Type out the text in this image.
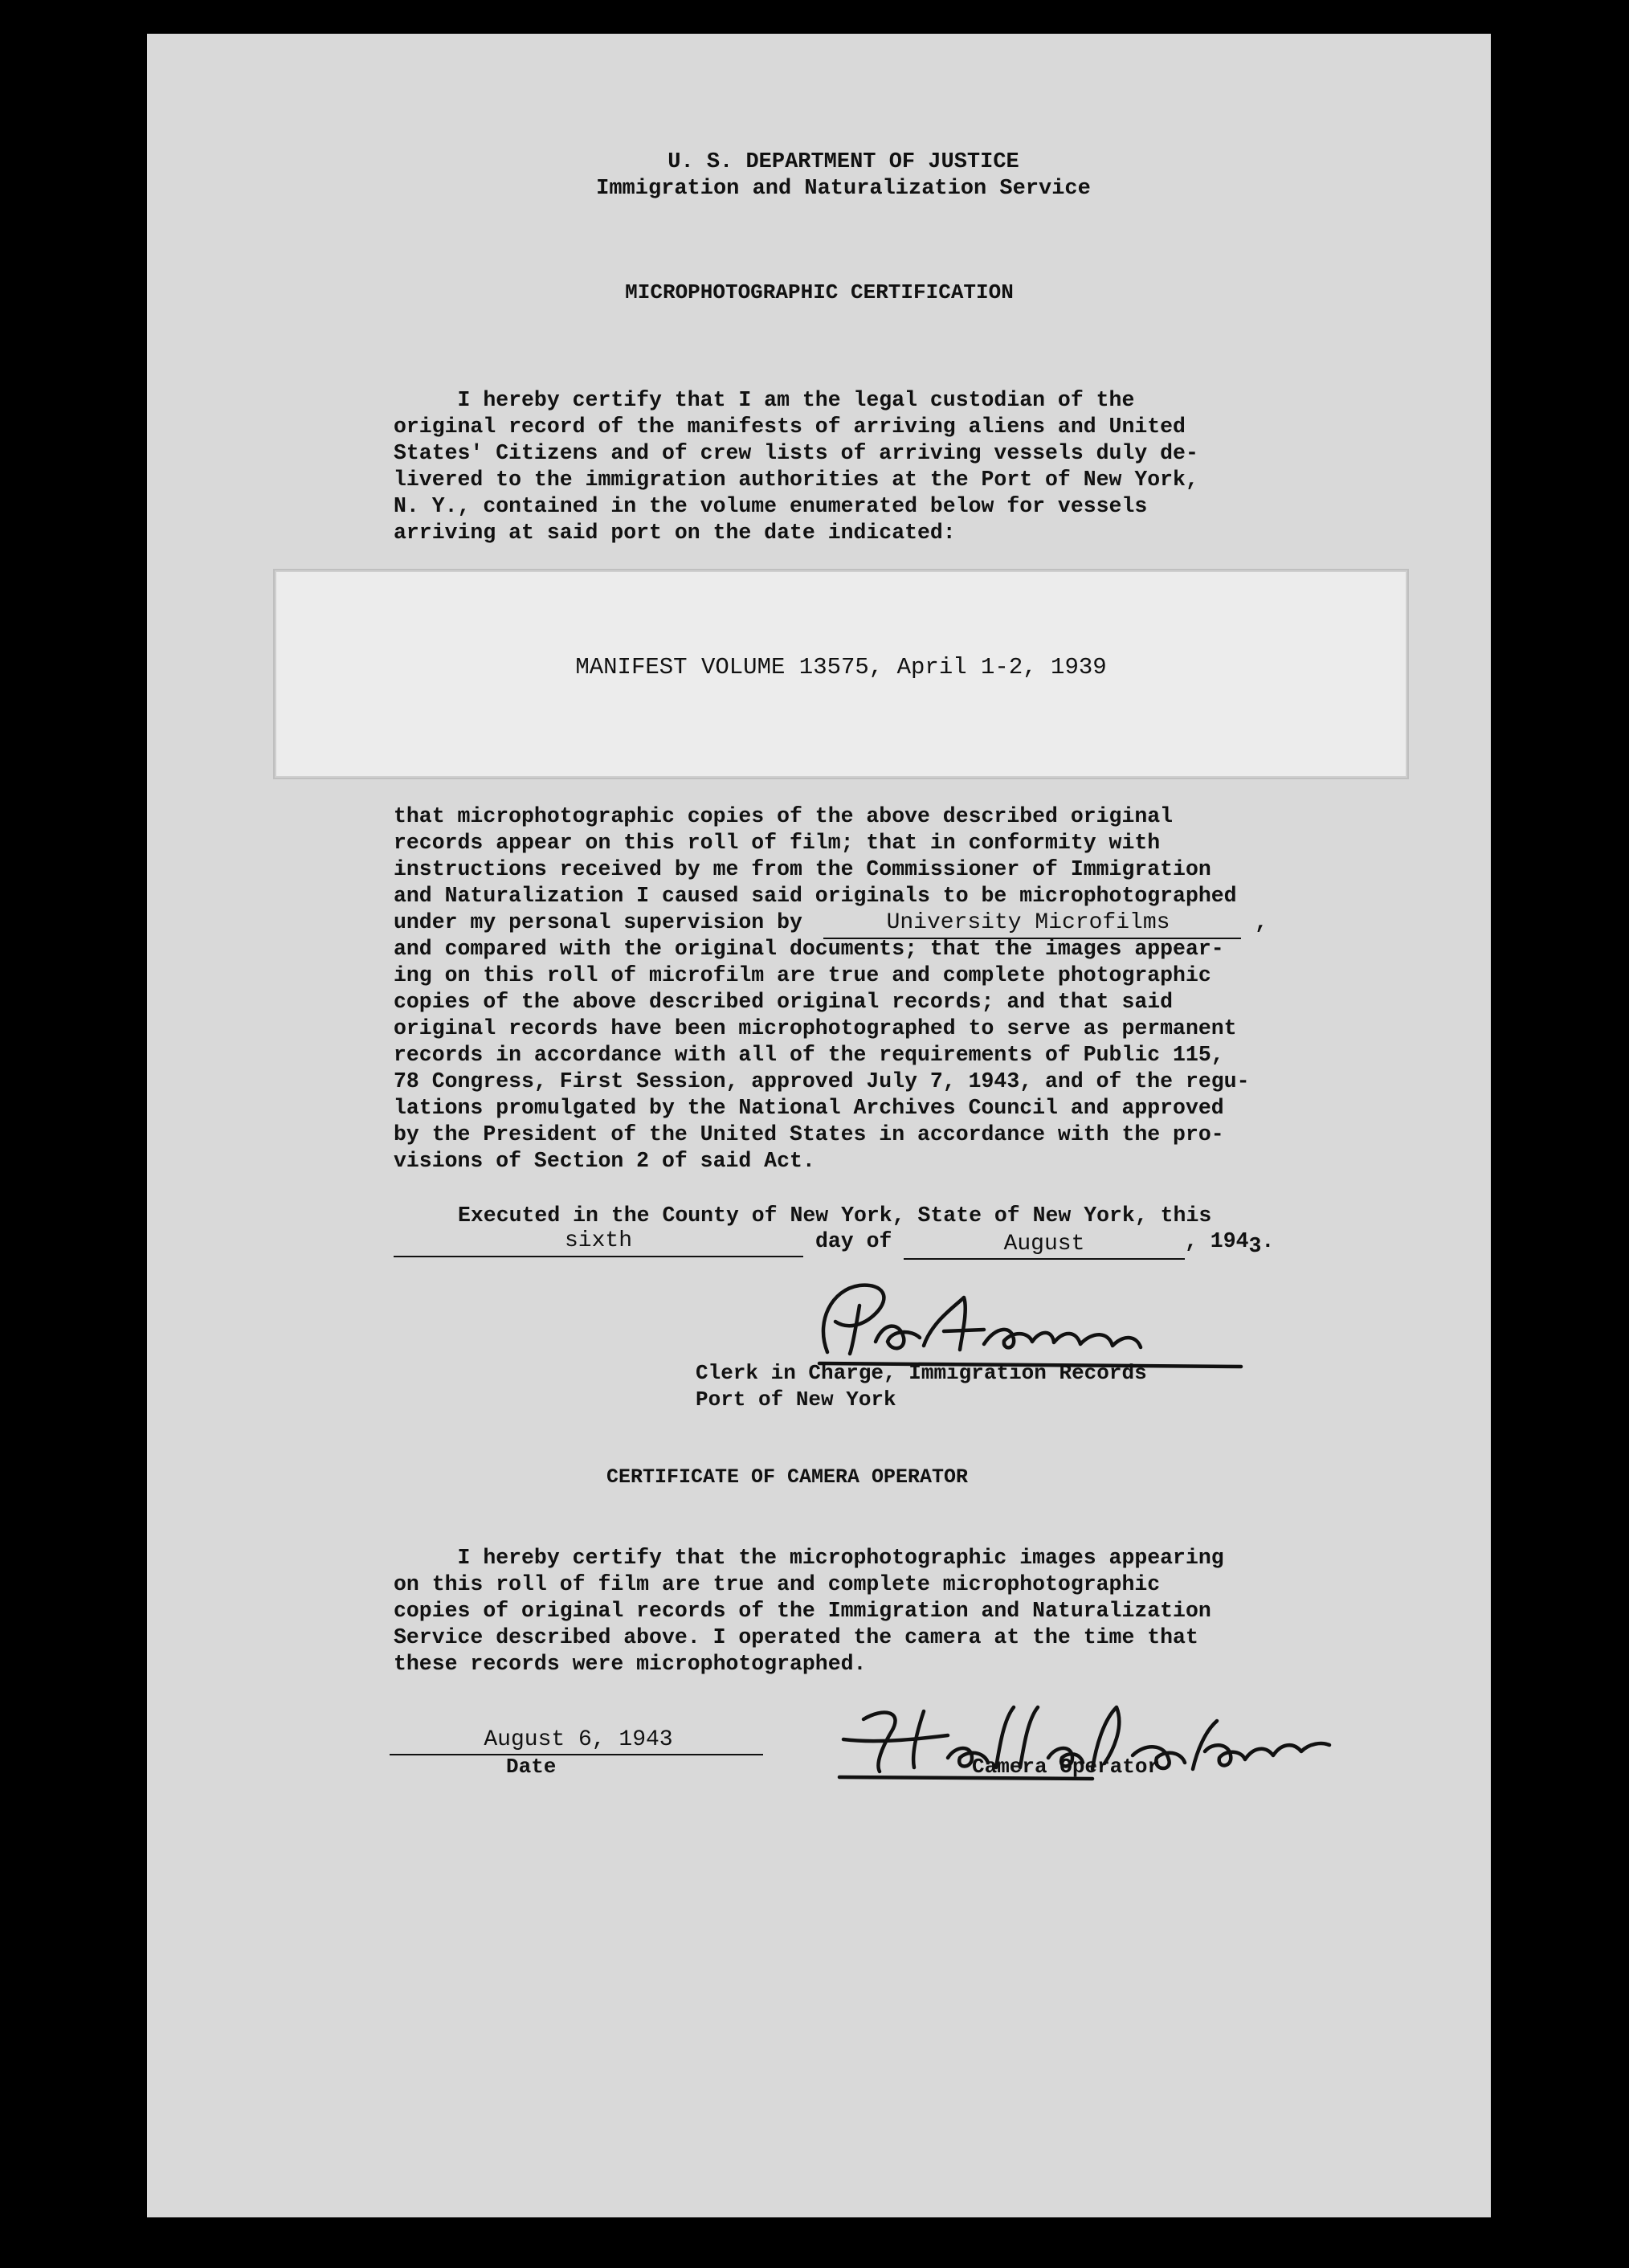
U. S. DEPARTMENT OF JUSTICE
Immigration and Naturalization Service
MICROPHOTOGRAPHIC CERTIFICATION
I hereby certify that I am the legal custodian of the
original record of the manifests of arriving aliens and United
States' Citizens and of crew lists of arriving vessels duly de-
livered to the immigration authorities at the Port of New York,
N. Y., contained in the volume enumerated below for vessels
arriving at said port on the date indicated:
MANIFEST VOLUME 13575, April 1-2, 1939
that microphotographic copies of the above described original
records appear on this roll of film; that in conformity with
instructions received by me from the Commissioner of Immigration
and Naturalization I caused said originals to be microphotographed
under my personal supervision by
and compared with the original documents; that the images appear-
ing on this roll of microfilm are true and complete photographic
copies of the above described original records; and that said
original records have been microphotographed to serve as permanent
records in accordance with all of the requirements of Public 115,
78 Congress, First Session, approved July 7, 1943, and of the regu-
lations promulgated by the National Archives Council and approved
by the President of the United States in accordance with the pro-
visions of Section 2 of said Act.
University Microfilms	,
Executed in the County of New York, State of New York, this
sixth	day of	August	, 1943.
Clerk in Charge, Immigration Records
Port of New York
CERTIFICATE OF CAMERA OPERATOR
I hereby certify that the microphotographic images appearing
on this roll of film are true and complete microphotographic
copies of original records of the Immigration and Naturalization
Service described above. I operated the camera at the time that
these records were microphotographed.
August 6, 1943
Date	Camera Operator
